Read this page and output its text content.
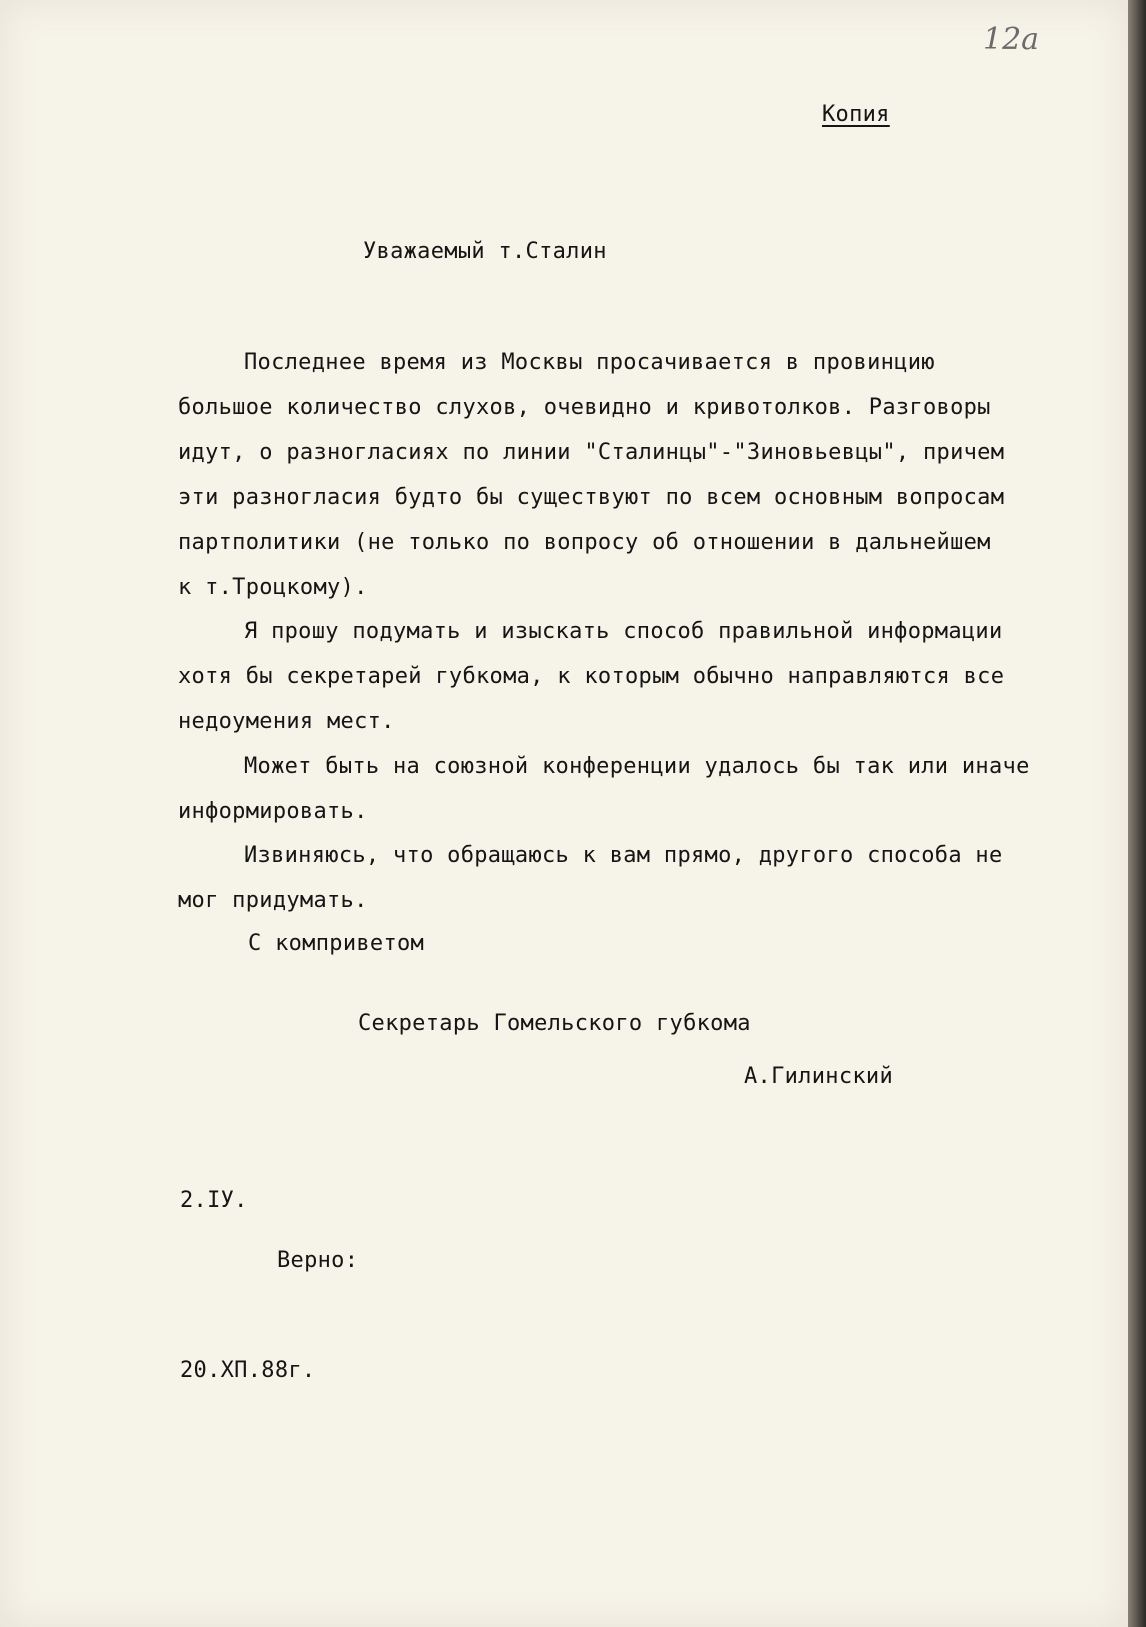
12а
Копия
Уважаемый т.Сталин
Последнее время из Москвы просачивается в провинцию
большое количество слухов, очевидно и кривотолков. Разговоры
идут, о разногласиях по линии "Сталинцы"-"Зиновьевцы", причем
эти разногласия будто бы существуют по всем основным вопросам
партполитики (не только по вопросу об отношении в дальнейшем
к т.Троцкому).
Я прошу подумать и изыскать способ правильной информации
хотя бы секретарей губкома, к которым обычно направляются все
недоумения мест.
Может быть на союзной конференции удалось бы так или иначе
информировать.
Извиняюсь, что обращаюсь к вам прямо, другого способа не
мог придумать.
С комприветом
Секретарь Гомельского губкома
А.Гилинский
2.IУ.
Верно:
20.XП.88г.
